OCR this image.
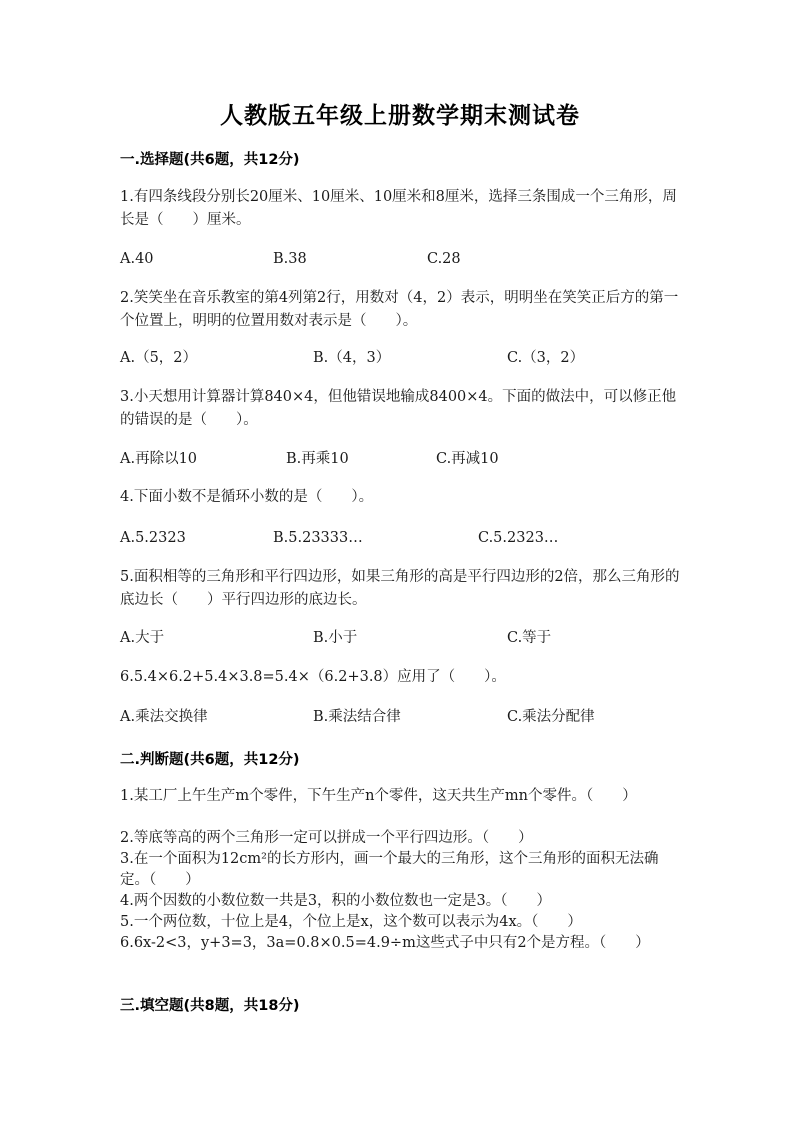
人教版五年级上册数学期末测试卷
一.选择题(共6题，共12分)
1.有四条线段分别长20厘米、10厘米、10厘米和8厘米，选择三条围成一个三角形，周长是（　　）厘米。
A.40	B.38	C.28
2.笑笑坐在音乐教室的第4列第2行，用数对（4，2）表示，明明坐在笑笑正后方的第一个位置上，明明的位置用数对表示是（　　）。
A.（5，2）	B.（4，3）	C.（3，2）
3.小天想用计算器计算840×4，但他错误地输成8400×4。下面的做法中，可以修正他的错误的是（　　）。
A.再除以10	B.再乘10	C.再减10
4.下面小数不是循环小数的是（　　）。
A.5.2323	B.5.23333…	C.5.2323…
5.面积相等的三角形和平行四边形，如果三角形的高是平行四边形的2倍，那么三角形的底边长（　　）平行四边形的底边长。
A.大于	B.小于	C.等于
6.5.4×6.2+5.4×3.8=5.4×（6.2+3.8）应用了（　　）。
A.乘法交换律	B.乘法结合律	C.乘法分配律
二.判断题(共6题，共12分)
1.某工厂上午生产m个零件，下午生产n个零件，这天共生产mn个零件。（　　）
2.等底等高的两个三角形一定可以拼成一个平行四边形。（　　）
3.在一个面积为12cm²的长方形内，画一个最大的三角形，这个三角形的面积无法确定。（　　）
4.两个因数的小数位数一共是3，积的小数位数也一定是3。（　　）
5.一个两位数，十位上是4，个位上是x，这个数可以表示为4x。（　　）
6.6x-2<3，y+3=3，3a=0.8×0.5=4.9÷m这些式子中只有2个是方程。（　　）
三.填空题(共8题，共18分)
